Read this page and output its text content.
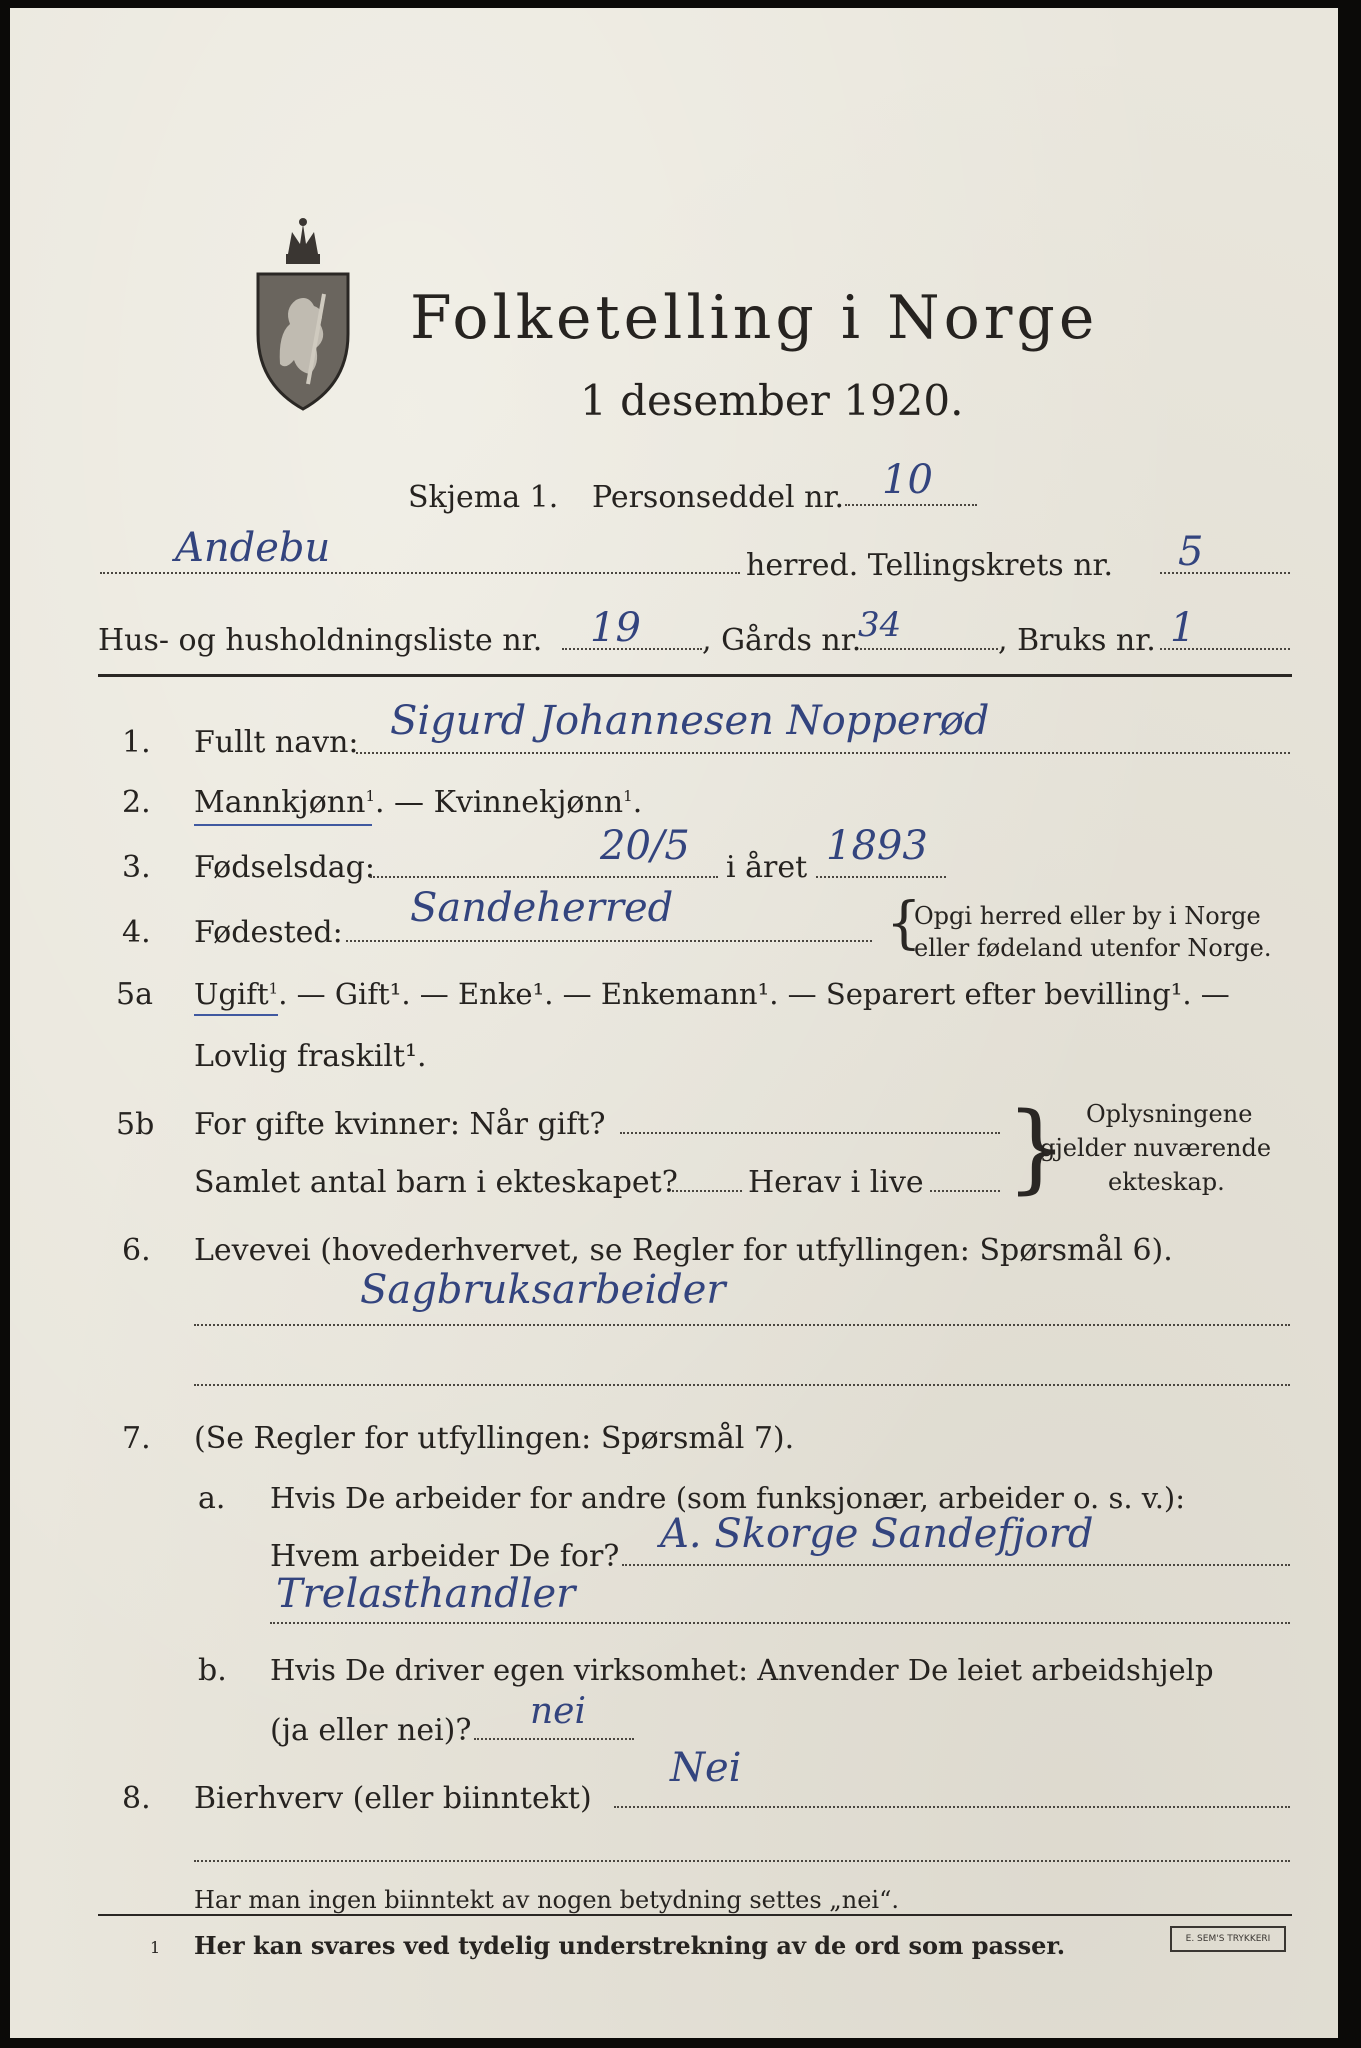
Folketelling i Norge
1 desember 1920.
Skjema 1. Personseddel nr. 10
Andebu	herred. Tellingskrets nr. 5
Hus- og husholdningsliste nr. 19 , Gårds nr.
34	, Bruks nr. 1
1. Fullt navn: Sigurd Johannesen Nopperød
2. Mannkjønn$^1$. — Kvinnekjønn$^1$.
3. Fødselsdag:	20/5 i året 1893
4. Fødested:
Sandeherred	{
Opgi herred eller by i Norge
eller fødeland utenfor Norge.
5a Ugift$^1$. — Gift¹. — Enke¹. — Enkemann¹. — Separert efter bevilling¹. —
Lovlig fraskilt¹.
5b For gifte kvinner: Når gift?
Samlet antal barn i ekteskapet? Herav i live } Oplysningene
gjelder nuværende
ekteskap.
6. Levevei (hovederhvervet, se Regler for utfyllingen: Spørsmål 6).
Sagbruksarbeider
7. (Se Regler for utfyllingen: Spørsmål 7).
a. Hvis De arbeider for andre (som funksjonær, arbeider o. s. v.):
Hvem arbeider De for? A. Skorge Sandefjord
Trelasthandler
b. Hvis De driver egen virksomhet: Anvender De leiet arbeidshjelp
(ja eller nei)? nei
8. Bierhverv (eller biinntekt)
Nei
Har man ingen biinntekt av nogen betydning settes „nei“.
1 Her kan svares ved tydelig understrekning av de ord som passer.	E. SEM'S TRYKKERI
